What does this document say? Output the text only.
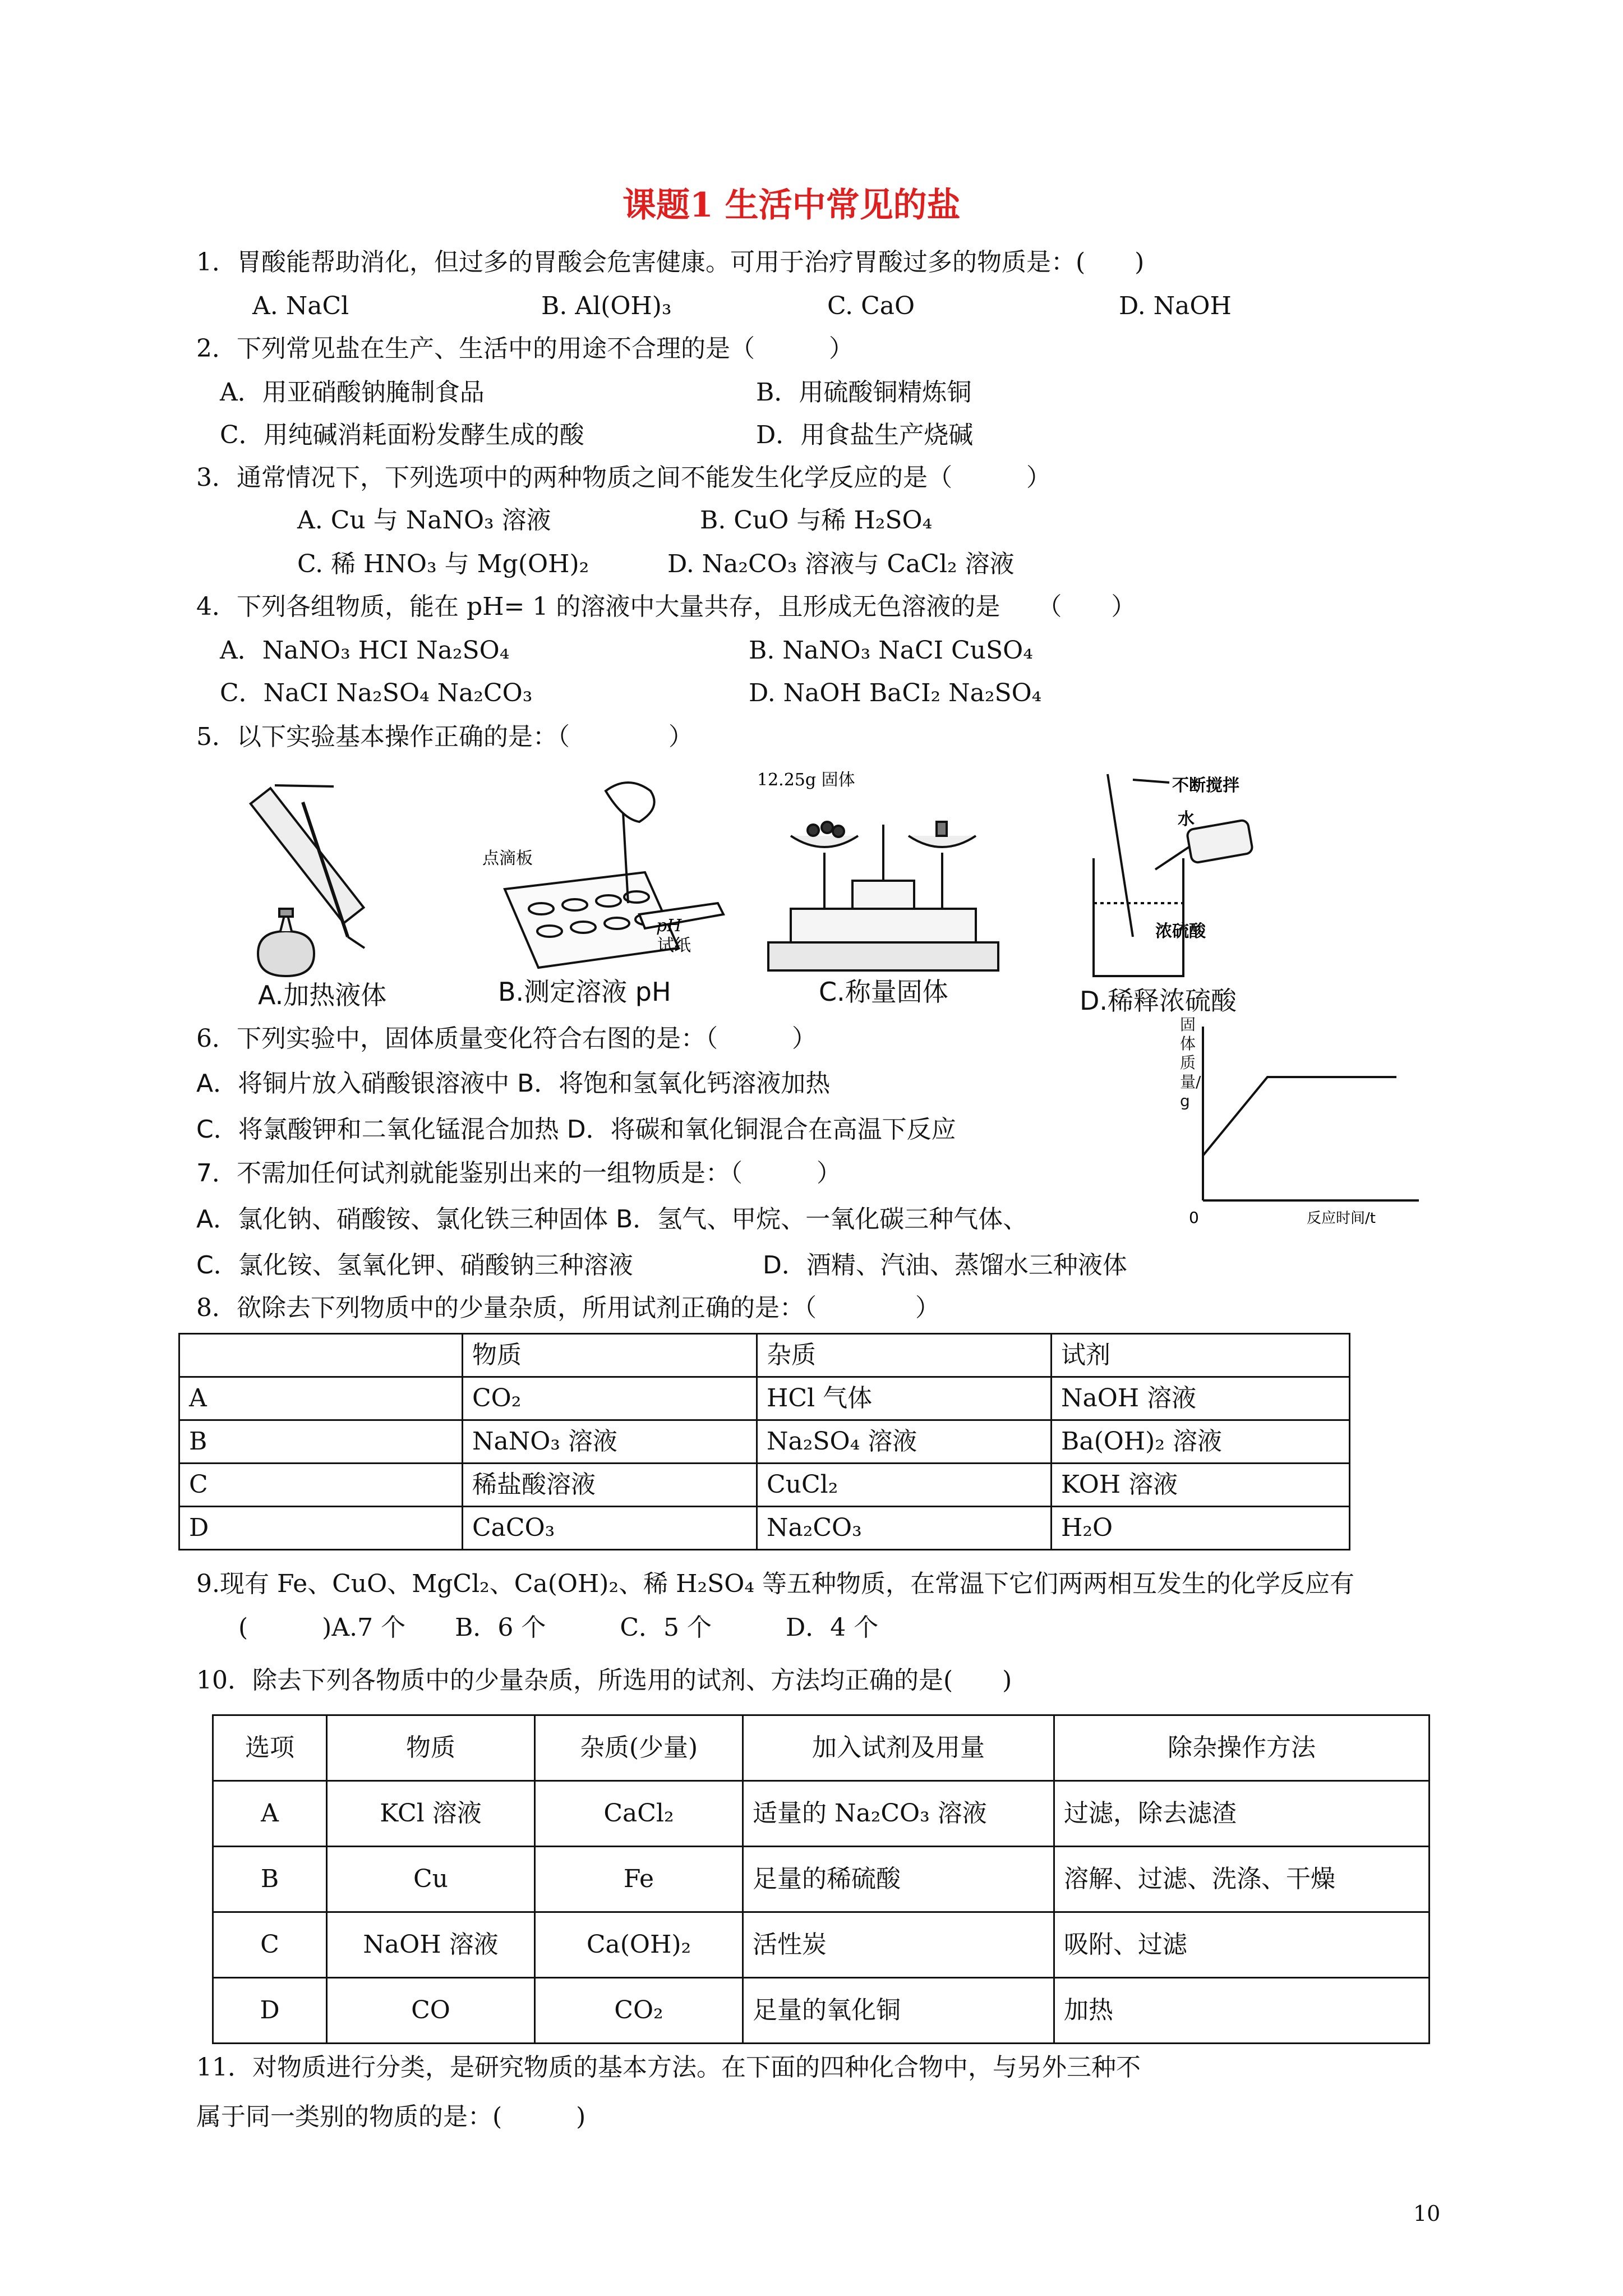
课题1 生活中常见的盐
1．胃酸能帮助消化，但过多的胃酸会危害健康。可用于治疗胃酸过多的物质是：(　　)
A. NaCl	B. Al(OH)₃	C. CaO	D. NaOH
2．下列常见盐在生产、生活中的用途不合理的是（　　　）
A．用亚硝酸钠腌制食品	B．用硫酸铜精炼铜
C．用纯碱消耗面粉发酵生成的酸	D．用食盐生产烧碱
3．通常情况下，下列选项中的两种物质之间不能发生化学反应的是（　　　）
A. Cu 与 NaNO₃ 溶液	B. CuO 与稀 H₂SO₄
C. 稀 HNO₃ 与 Mg(OH)₂	D. Na₂CO₃ 溶液与 CaCl₂ 溶液
4．下列各组物质，能在 pH= 1 的溶液中大量共存，且形成无色溶液的是　　（　　）
A．NaNO₃ HCI Na₂SO₄	B. NaNO₃ NaCI CuSO₄
C．NaCI Na₂SO₄ Na₂CO₃	D. NaOH BaCI₂ Na₂SO₄
5．以下实验基本操作正确的是：（　　　　）
点滴板
pH
试纸
12.25g 固体	不断搅拌
水
浓硫酸
A.加热液体	B.测定溶液 pH	C.称量固体	D.稀释浓硫酸
6．下列实验中，固体质量变化符合右图的是：（　　　）
A．将铜片放入硝酸银溶液中 B．将饱和氢氧化钙溶液加热
C．将氯酸钾和二氧化锰混合加热 D．将碳和氧化铜混合在高温下反应
0	反应时间/t
固体质量/g
7．不需加任何试剂就能鉴别出来的一组物质是：（　　　）
A．氯化钠、硝酸铵、氯化铁三种固体 B．氢气、甲烷、一氧化碳三种气体、
C．氯化铵、氢氧化钾、硝酸钠三种溶液	D．酒精、汽油、蒸馏水三种液体
8．欲除去下列物质中的少量杂质，所用试剂正确的是：（　　　　）
	物质	杂质	试剂
A	CO₂	HCl 气体	NaOH 溶液
B	NaNO₃ 溶液	Na₂SO₄ 溶液	Ba(OH)₂ 溶液
C	稀盐酸溶液	CuCl₂	KOH 溶液
D	CaCO₃	Na₂CO₃	H₂O
9.现有 Fe、CuO、MgCl₂、Ca(OH)₂、稀 H₂SO₄ 等五种物质，在常温下它们两两相互发生的化学反应有
(　　　)A.7 个　　B．6 个　　　C．5 个　　　D．4 个
10．除去下列各物质中的少量杂质，所选用的试剂、方法均正确的是(　　)
选项	物质	杂质(少量)	加入试剂及用量	除杂操作方法
A	KCl 溶液	CaCl₂	适量的 Na₂CO₃ 溶液	过滤，除去滤渣
B	Cu	Fe	足量的稀硫酸	溶解、过滤、洗涤、干燥
C	NaOH 溶液	Ca(OH)₂	活性炭	吸附、过滤
D	CO	CO₂	足量的氧化铜	加热
11．对物质进行分类，是研究物质的基本方法。在下面的四种化合物中，与另外三种不
属于同一类别的物质的是：(　　　)
10
